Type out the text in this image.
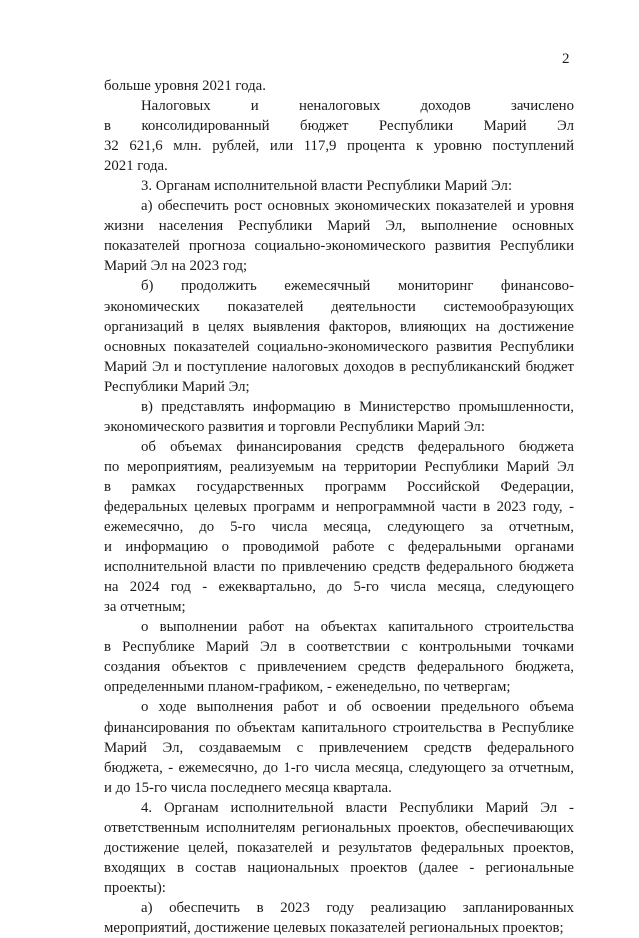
2

больше уровня 2021 года.

Налоговых и неналоговых доходов зачислено

в консолидированный бюджет Республики Марий Эл

32 621,6 млн. рублей, или 117,9 процента к уровню поступлений

2021 года.

3. Органам исполнительной власти Республики Марий Эл:

а) обеспечить рост основных экономических показателей и уровня

жизни населения Республики Марий Эл, выполнение основных

показателей прогноза социально-экономического развития Республики

Марий Эл на 2023 год;

б) продолжить ежемесячный мониторинг финансово-

экономических показателей деятельности системообразующих

организаций в целях выявления факторов, влияющих на достижение

основных показателей социально-экономического развития Республики

Марий Эл и поступление налоговых доходов в республиканский бюджет

Республики Марий Эл;

в) представлять информацию в Министерство промышленности,

экономического развития и торговли Республики Марий Эл:

об объемах финансирования средств федерального бюджета

по мероприятиям, реализуемым на территории Республики Марий Эл

в рамках государственных программ Российской Федерации,

федеральных целевых программ и непрограммной части в 2023 году, -

ежемесячно, до 5-го числа месяца, следующего за отчетным,

и информацию о проводимой работе с федеральными органами

исполнительной власти по привлечению средств федерального бюджета

на 2024 год - ежеквартально, до 5-го числа месяца, следующего

за отчетным;

о выполнении работ на объектах капитального строительства

в Республике Марий Эл в соответствии с контрольными точками

создания объектов с привлечением средств федерального бюджета,

определенными планом-графиком, - еженедельно, по четвергам;

о ходе выполнения работ и об освоении предельного объема

финансирования по объектам капитального строительства в Республике

Марий Эл, создаваемым с привлечением средств федерального

бюджета, - ежемесячно, до 1-го числа месяца, следующего за отчетным,

и до 15-го числа последнего месяца квартала.

4. Органам исполнительной власти Республики Марий Эл -

ответственным исполнителям региональных проектов, обеспечивающих

достижение целей, показателей и результатов федеральных проектов,

входящих в состав национальных проектов (далее - региональные

проекты):

а) обеспечить в 2023 году реализацию запланированных

мероприятий, достижение целевых показателей региональных проектов;
